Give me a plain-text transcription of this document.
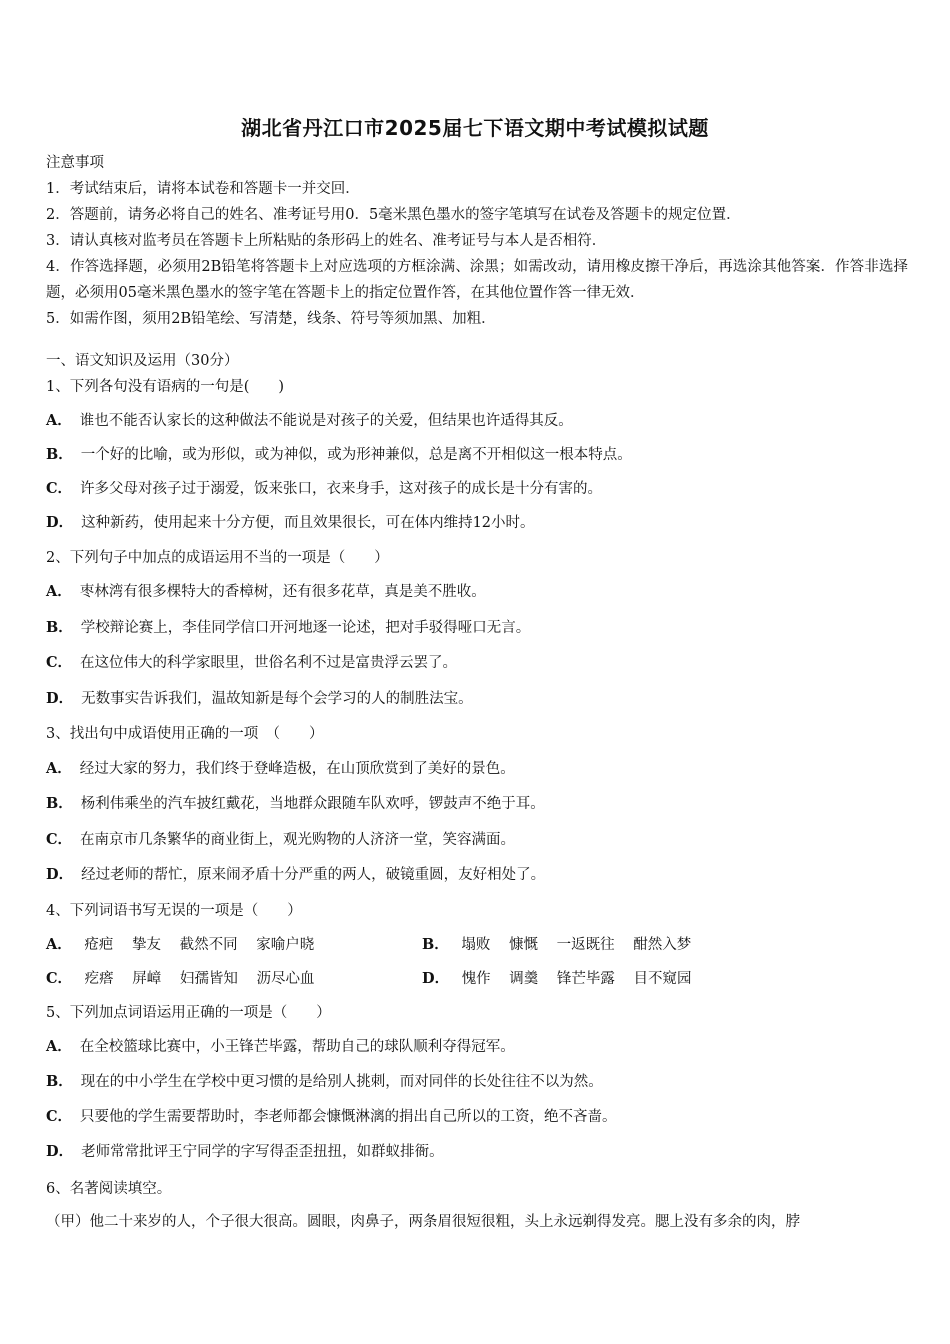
湖北省丹江口市2025届七下语文期中考试模拟试题
注意事项
1．考试结束后，请将本试卷和答题卡一并交回．
2．答题前，请务必将自己的姓名、准考证号用0．5毫米黑色墨水的签字笔填写在试卷及答题卡的规定位置．
3．请认真核对监考员在答题卡上所粘贴的条形码上的姓名、准考证号与本人是否相符．
4．作答选择题，必须用2B铅笔将答题卡上对应选项的方框涂满、涂黑；如需改动，请用橡皮擦干净后，再选涂其他答案．作答非选择题，必须用05毫米黑色墨水的签字笔在答题卡上的指定位置作答，在其他位置作答一律无效．
5．如需作图，须用2B铅笔绘、写清楚，线条、符号等须加黑、加粗．
一、语文知识及运用（30分）
1、下列各句没有语病的一句是(　　)
A． 谁也不能否认家长的这种做法不能说是对孩子的关爱，但结果也许适得其反。
B． 一个好的比喻，或为形似，或为神似，或为形神兼似，总是离不开相似这一根本特点。
C． 许多父母对孩子过于溺爱，饭来张口，衣来身手，这对孩子的成长是十分有害的。
D． 这种新药，使用起来十分方便，而且效果很长，可在体内维持12小时。
2、下列句子中加点的成语运用不当的一项是（　　）
A． 枣林湾有很多棵特大的香樟树，还有很多花草，真是美不胜收。
B． 学校辩论赛上，李佳同学信口开河地逐一论述，把对手驳得哑口无言。
C． 在这位伟大的科学家眼里，世俗名利不过是富贵浮云罢了。
D． 无数事实告诉我们，温故知新是每个会学习的人的制胜法宝。
3、找出句中成语使用正确的一项　（　　）
A． 经过大家的努力，我们终于登峰造极，在山顶欣赏到了美好的景色。
B． 杨利伟乘坐的汽车披红戴花，当地群众跟随车队欢呼，锣鼓声不绝于耳。
C． 在南京市几条繁华的商业街上，观光购物的人济济一堂，笑容满面。
D． 经过老师的帮忙，原来闹矛盾十分严重的两人，破镜重圆，友好相处了。
4、下列词语书写无误的一项是（　　）
A． 疮疤 挚友 截然不同 家喻户晓	B． 塌败 慷慨 一返既往 酣然入梦
C． 疙瘩 屏嶂 妇孺皆知 沥尽心血	D． 愧作 调羹 锋芒毕露 目不窥园
5、下列加点词语运用正确的一项是（　　）
A． 在全校篮球比赛中，小王锋芒毕露，帮助自己的球队顺利夺得冠军。
B． 现在的中小学生在学校中更习惯的是给别人挑刺，而对同伴的长处往往不以为然。
C． 只要他的学生需要帮助时，李老师都会慷慨淋漓的捐出自己所以的工资，绝不吝啬。
D． 老师常常批评王宁同学的字写得歪歪扭扭，如群蚁排衙。
6、名著阅读填空。
（甲）他二十来岁的人，个子很大很高。圆眼，肉鼻子，两条眉很短很粗，头上永远剃得发亮。腮上没有多余的肉，脖
